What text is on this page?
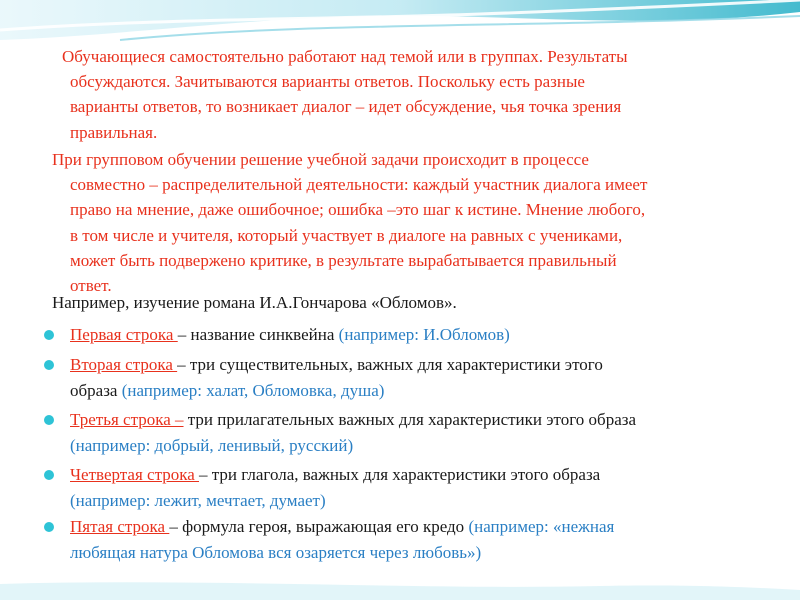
Обучающиеся самостоятельно работают над темой или в группах. Результаты
обсуждаются. Зачитываются варианты ответов. Поскольку есть разные
варианты ответов, то возникает диалог – идет обсуждение, чья точка зрения
правильная.

При групповом обучении решение учебной задачи происходит в процессе
совместно – распределительной деятельности: каждый участник диалога имеет
право на мнение, даже ошибочное; ошибка –это шаг к истине. Мнение любого,
в том числе и учителя, который участвует в диалоге на равных с учениками,
может быть подвержено критике, в результате вырабатывается правильный
ответ.

Например, изучение романа И.А.Гончарова «Обломов».
Первая строка – название синквейна (например: И.Обломов)
Вторая строка – три существительных, важных для характеристики этого
образа (например: халат, Обломовка, душа)
Третья строка – три прилагательных важных для характеристики этого образа
(например: добрый, ленивый, русский)
Четвертая строка – три глагола, важных для характеристики этого образа
(например: лежит, мечтает, думает)
Пятая строка – формула героя, выражающая его кредо (например: «нежная
любящая натура Обломова вся озаряется через любовь»)
